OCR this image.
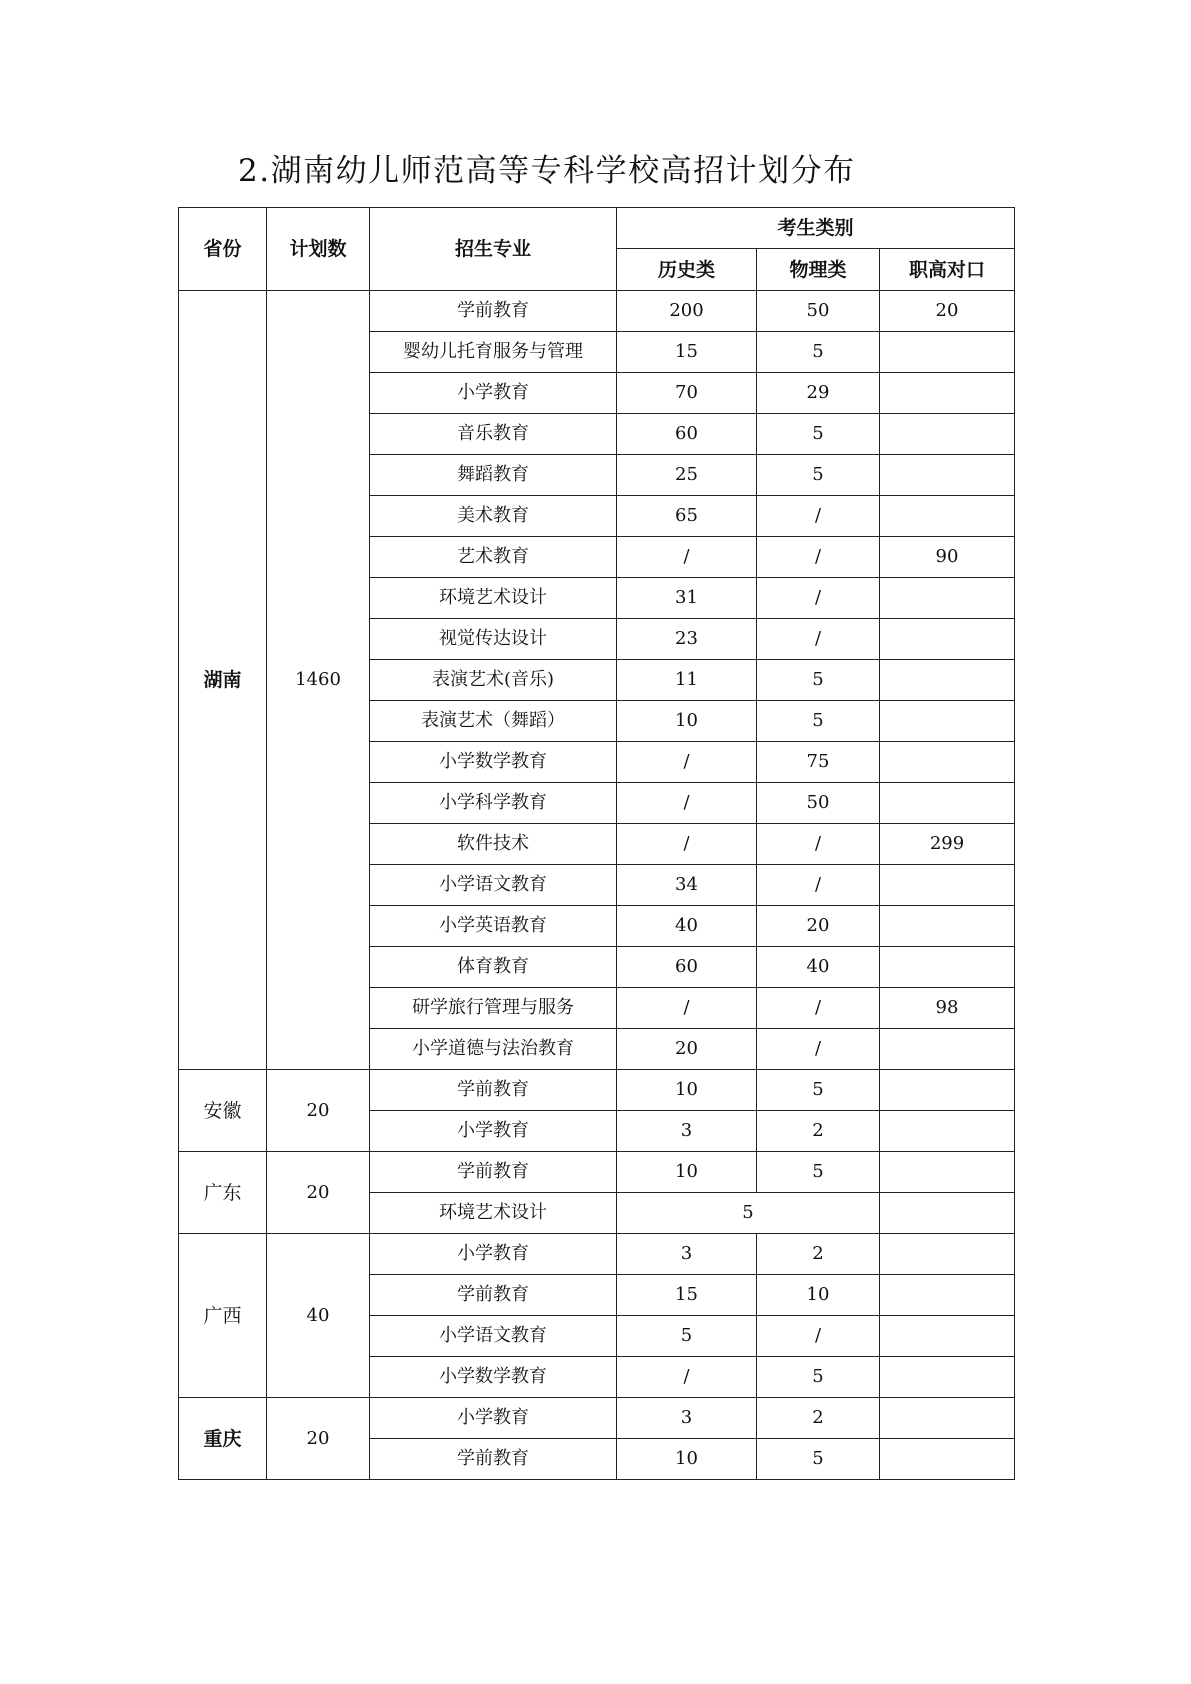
2.湖南幼儿师范高等专科学校高招计划分布
省份	计划数	招生专业	考生类别		
			历史类	物理类	职高对口
湖南	1460	学前教育	200	50	20
		婴幼儿托育服务与管理	15	5	
		小学教育	70	29	
		音乐教育	60	5	
		舞蹈教育	25	5	
		美术教育	65	/	
		艺术教育	/	/	90
		环境艺术设计	31	/	
		视觉传达设计	23	/	
		表演艺术(音乐)	11	5	
		表演艺术（舞蹈）	10	5	
		小学数学教育	/	75	
		小学科学教育	/	50	
		软件技术	/	/	299
		小学语文教育	34	/	
		小学英语教育	40	20	
		体育教育	60	40	
		研学旅行管理与服务	/	/	98
		小学道德与法治教育	20	/	
安徽	20	学前教育	10	5	
		小学教育	3	2	
广东	20	学前教育	10	5	
		环境艺术设计	5		
广西	40	小学教育	3	2	
		学前教育	15	10	
		小学语文教育	5	/	
		小学数学教育	/	5	
重庆	20	小学教育	3	2	
		学前教育	10	5	
